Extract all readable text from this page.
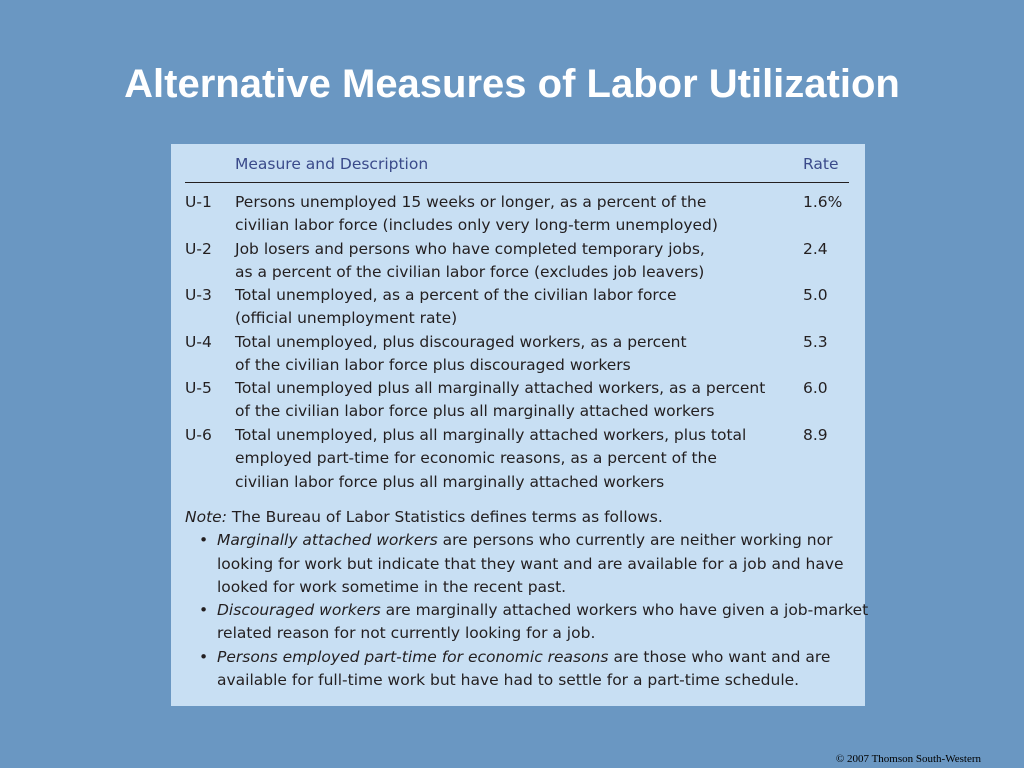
Alternative Measures of Labor Utilization
Measure and Description	Rate
U-1 Persons unemployed 15 weeks or longer, as a percent of the
civilian labor force (includes only very long-term unemployed)
1.6%
U-2 Job losers and persons who have completed temporary jobs,
as a percent of the civilian labor force (excludes job leavers)
2.4
U-3 Total unemployed, as a percent of the civilian labor force
(official unemployment rate)
5.0
U-4 Total unemployed, plus discouraged workers, as a percent
of the civilian labor force plus discouraged workers
5.3
U-5 Total unemployed plus all marginally attached workers, as a percent
of the civilian labor force plus all marginally attached workers
6.0
U-6 Total unemployed, plus all marginally attached workers, plus total
employed part-time for economic reasons, as a percent of the
civilian labor force plus all marginally attached workers
8.9
Note: The Bureau of Labor Statistics defines terms as follows.
• Marginally attached workers are persons who currently are neither working nor
looking for work but indicate that they want and are available for a job and have
looked for work sometime in the recent past.
• Discouraged workers are marginally attached workers who have given a job-market
related reason for not currently looking for a job.
• Persons employed part-time for economic reasons are those who want and are
available for full-time work but have had to settle for a part-time schedule.
© 2007 Thomson South-Western
